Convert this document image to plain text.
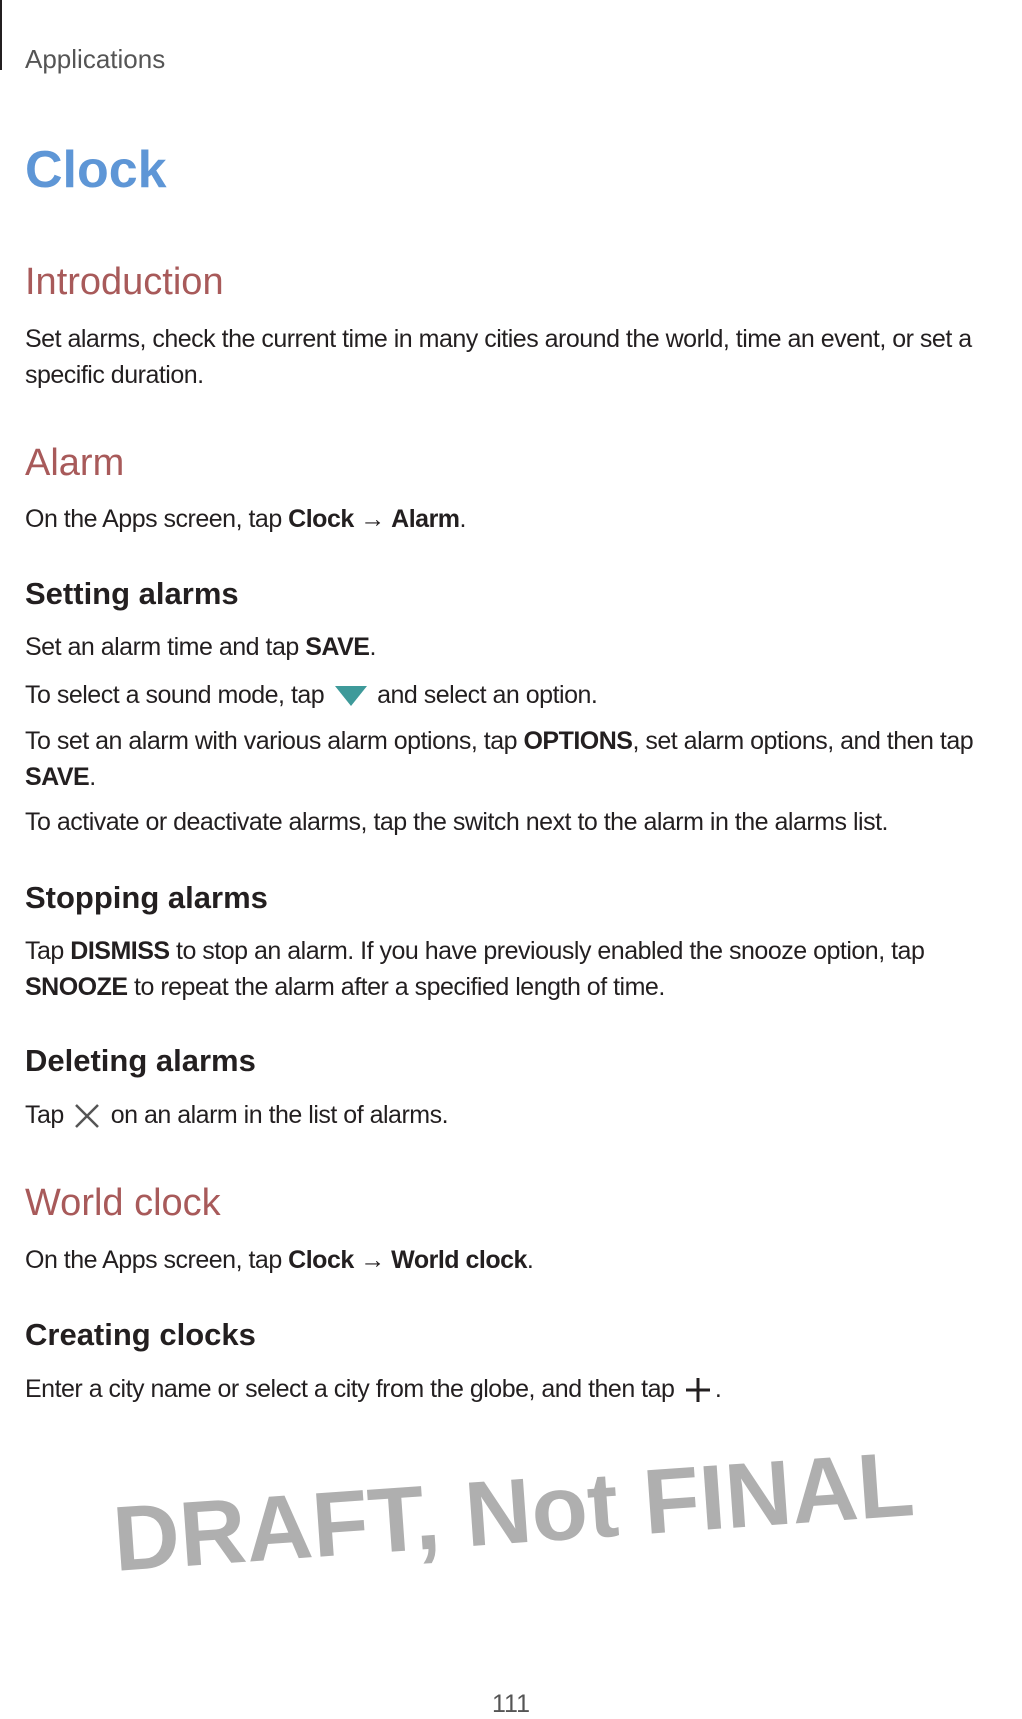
Applications
Clock
Introduction
Set alarms, check the current time in many cities around the world, time an event, or set a specific duration.
Alarm
On the Apps screen, tap Clock → Alarm.
Setting alarms
Set an alarm time and tap SAVE.
To select a sound mode, tap and select an option.
To set an alarm with various alarm options, tap OPTIONS, set alarm options, and then tap SAVE.
To activate or deactivate alarms, tap the switch next to the alarm in the alarms list.
Stopping alarms
Tap DISMISS to stop an alarm. If you have previously enabled the snooze option, tap SNOOZE to repeat the alarm after a specified length of time.
Deleting alarms
Tap on an alarm in the list of alarms.
World clock
On the Apps screen, tap Clock → World clock.
Creating clocks
Enter a city name or select a city from the globe, and then tap .
DRAFT, Not FINAL
111
